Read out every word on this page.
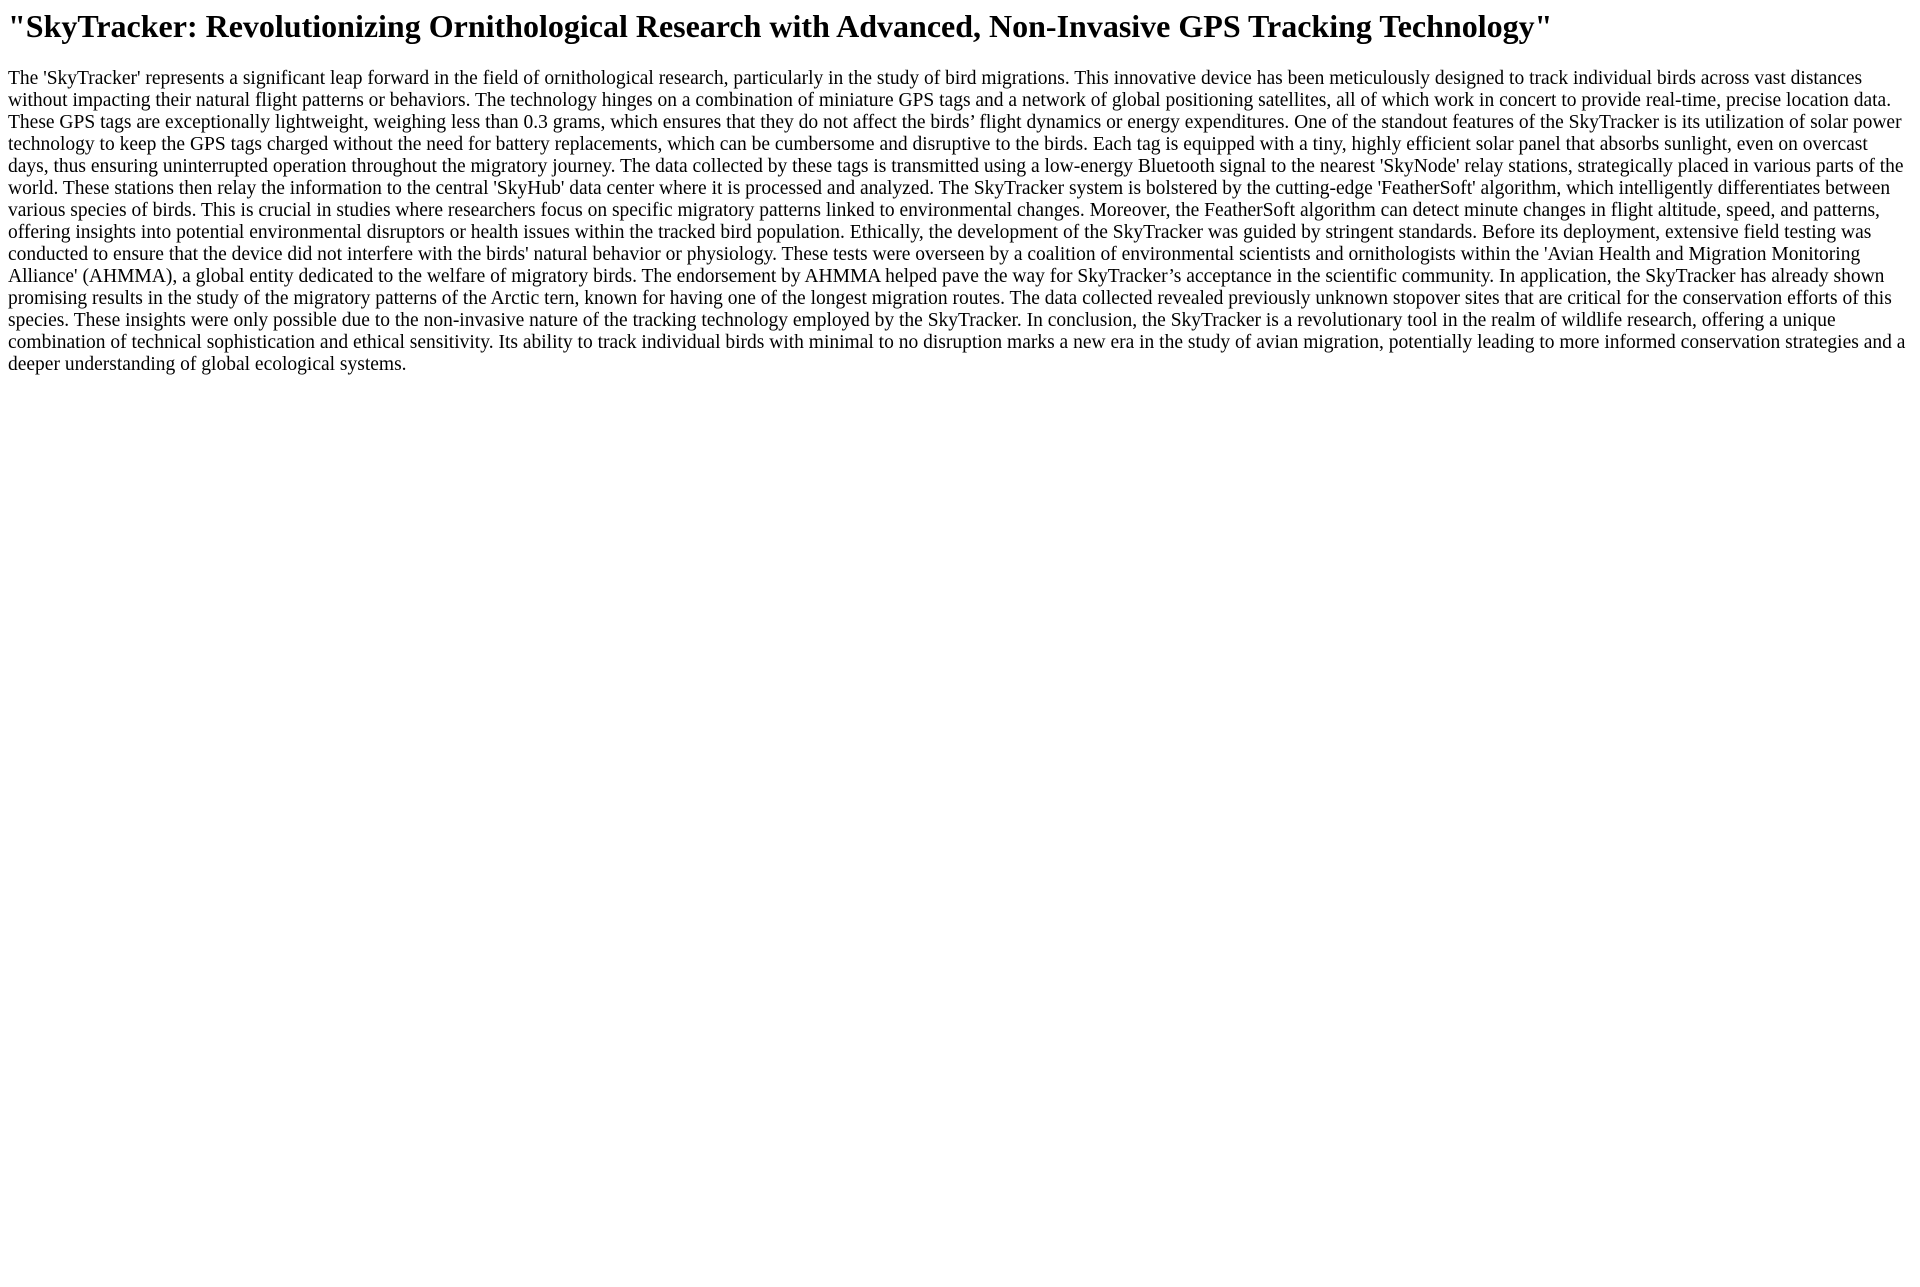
"SkyTracker: Revolutionizing Ornithological Research with Advanced, Non-Invasive GPS Tracking Technology"

The 'SkyTracker' represents a significant leap forward in the field of ornithological research, particularly in the study of bird migrations. This innovative device has been meticulously designed to track individual birds across vast distances without impacting their natural flight patterns or behaviors. The technology hinges on a combination of miniature GPS tags and a network of global positioning satellites, all of which work in concert to provide real-time, precise location data. These GPS tags are exceptionally lightweight, weighing less than 0.3 grams, which ensures that they do not affect the birds’ flight dynamics or energy expenditures. One of the standout features of the SkyTracker is its utilization of solar power technology to keep the GPS tags charged without the need for battery replacements, which can be cumbersome and disruptive to the birds. Each tag is equipped with a tiny, highly efficient solar panel that absorbs sunlight, even on overcast days, thus ensuring uninterrupted operation throughout the migratory journey. The data collected by these tags is transmitted using a low-energy Bluetooth signal to the nearest 'SkyNode' relay stations, strategically placed in various parts of the world. These stations then relay the information to the central 'SkyHub' data center where it is processed and analyzed. The SkyTracker system is bolstered by the cutting-edge 'FeatherSoft' algorithm, which intelligently differentiates between various species of birds. This is crucial in studies where researchers focus on specific migratory patterns linked to environmental changes. Moreover, the FeatherSoft algorithm can detect minute changes in flight altitude, speed, and patterns, offering insights into potential environmental disruptors or health issues within the tracked bird population. Ethically, the development of the SkyTracker was guided by stringent standards. Before its deployment, extensive field testing was conducted to ensure that the device did not interfere with the birds' natural behavior or physiology. These tests were overseen by a coalition of environmental scientists and ornithologists within the 'Avian Health and Migration Monitoring Alliance' (AHMMA), a global entity dedicated to the welfare of migratory birds. The endorsement by AHMMA helped pave the way for SkyTracker’s acceptance in the scientific community. In application, the SkyTracker has already shown promising results in the study of the migratory patterns of the Arctic tern, known for having one of the longest migration routes. The data collected revealed previously unknown stopover sites that are critical for the conservation efforts of this species. These insights were only possible due to the non-invasive nature of the tracking technology employed by the SkyTracker. In conclusion, the SkyTracker is a revolutionary tool in the realm of wildlife research, offering a unique combination of technical sophistication and ethical sensitivity. Its ability to track individual birds with minimal to no disruption marks a new era in the study of avian migration, potentially leading to more informed conservation strategies and a deeper understanding of global ecological systems.
